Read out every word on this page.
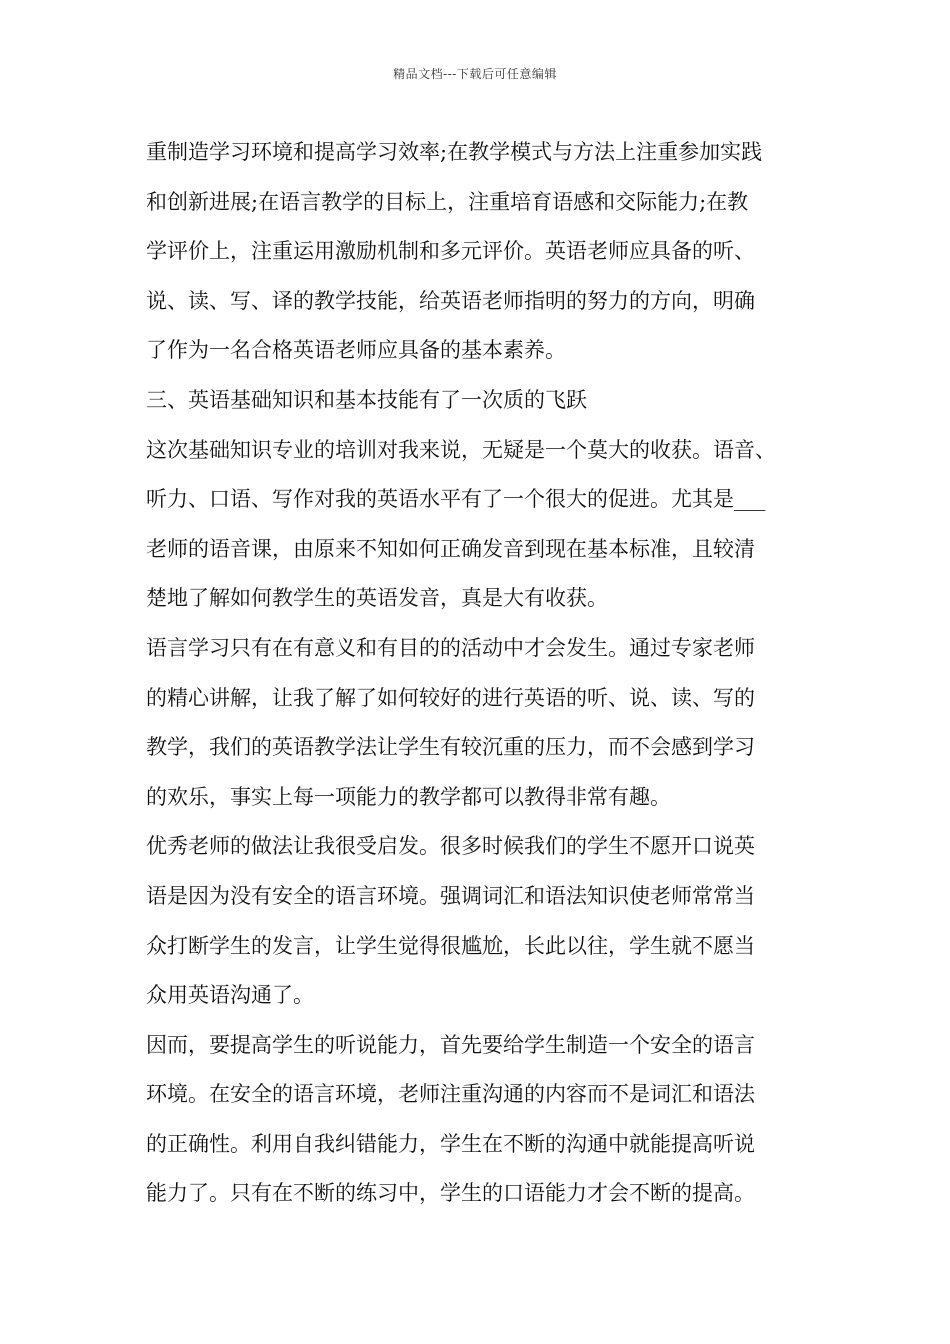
精品文档---下载后可任意编辑
重制造学习环境和提高学习效率;在教学模式与方法上注重参加实践
和创新进展;在语言教学的目标上，注重培育语感和交际能力;在教
学评价上，注重运用激励机制和多元评价。英语老师应具备的听、
说、读、写、译的教学技能，给英语老师指明的努力的方向，明确
了作为一名合格英语老师应具备的基本素养。
三、英语基础知识和基本技能有了一次质的飞跃
这次基础知识专业的培训对我来说，无疑是一个莫大的收获。语音、
听力、口语、写作对我的英语水平有了一个很大的促进。尤其是___
老师的语音课，由原来不知如何正确发音到现在基本标准，且较清
楚地了解如何教学生的英语发音，真是大有收获。
语言学习只有在有意义和有目的的活动中才会发生。通过专家老师
的精心讲解，让我了解了如何较好的进行英语的听、说、读、写的
教学，我们的英语教学法让学生有较沉重的压力，而不会感到学习
的欢乐，事实上每一项能力的教学都可以教得非常有趣。
优秀老师的做法让我很受启发。很多时候我们的学生不愿开口说英
语是因为没有安全的语言环境。强调词汇和语法知识使老师常常当
众打断学生的发言，让学生觉得很尴尬，长此以往，学生就不愿当
众用英语沟通了。
因而，要提高学生的听说能力，首先要给学生制造一个安全的语言
环境。在安全的语言环境，老师注重沟通的内容而不是词汇和语法
的正确性。利用自我纠错能力，学生在不断的沟通中就能提高听说
能力了。只有在不断的练习中，学生的口语能力才会不断的提高。
